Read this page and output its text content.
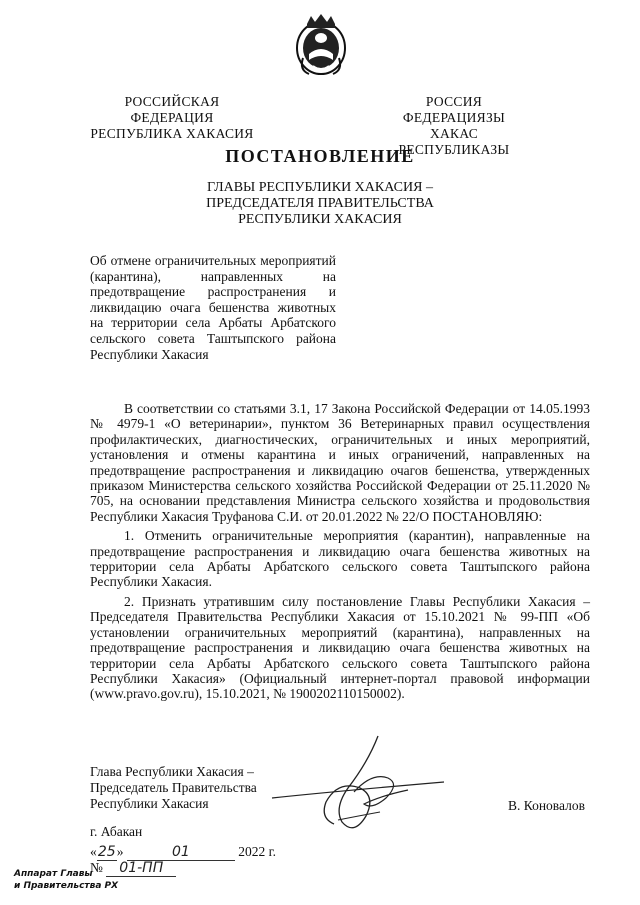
РОССИЙСКАЯ ФЕДЕРАЦИЯ
РЕСПУБЛИКА ХАКАСИЯ
РОССИЯ ФЕДЕРАЦИЯЗЫ
ХАКАС РЕСПУБЛИКАЗЫ
ПОСТАНОВЛЕНИЕ
ГЛАВЫ РЕСПУБЛИКИ ХАКАСИЯ –
ПРЕДСЕДАТЕЛЯ ПРАВИТЕЛЬСТВА
РЕСПУБЛИКИ ХАКАСИЯ
Об отмене ограничительных мероприятий (карантина), направленных на предотвращение распространения и ликвидацию очага бешенства животных на территории села Арбаты Арбатского сельского совета Таштыпского района Республики Хакасия

В соответствии со статьями 3.1, 17 Закона Российской Федерации от 14.05.1993 № 4979-1 «О ветеринарии», пунктом 36 Ветеринарных правил осуществления профилактических, диагностических, ограничительных и иных мероприятий, установления и отмены карантина и иных ограничений, направленных на предотвращение распространения и ликвидацию очагов бешенства, утвержденных приказом Министерства сельского хозяйства Российской Федерации от 25.11.2020 № 705, на основании представления Министра сельского хозяйства и продовольствия Республики Хакасия Труфанова С.И. от 20.01.2022 № 22/О ПОСТАНОВЛЯЮ:

1. Отменить ограничительные мероприятия (карантин), направленные на предотвращение распространения и ликвидацию очага бешенства животных на территории села Арбаты Арбатского сельского совета Таштыпского района Республики Хакасия.

2. Признать утратившим силу постановление Главы Республики Хакасия – Председателя Правительства Республики Хакасия от 15.10.2021 № 99-ПП «Об установлении ограничительных мероприятий (карантина), направленных на предотвращение распространения и ликвидацию очага бешенства животных на территории села Арбаты Арбатского сельского совета Таштыпского района Республики Хакасия» (Официальный интернет-портал правовой информации (www.pravo.gov.ru), 15.10.2021, № 1900202110150002).

Глава Республики Хакасия –
Председатель Правительства
Республики Хакасия	В. Коновалов
г. Абакан
«25»	01	2022 г.
№ 01-ПП
Аппарат Главы
и Правительства РХ
